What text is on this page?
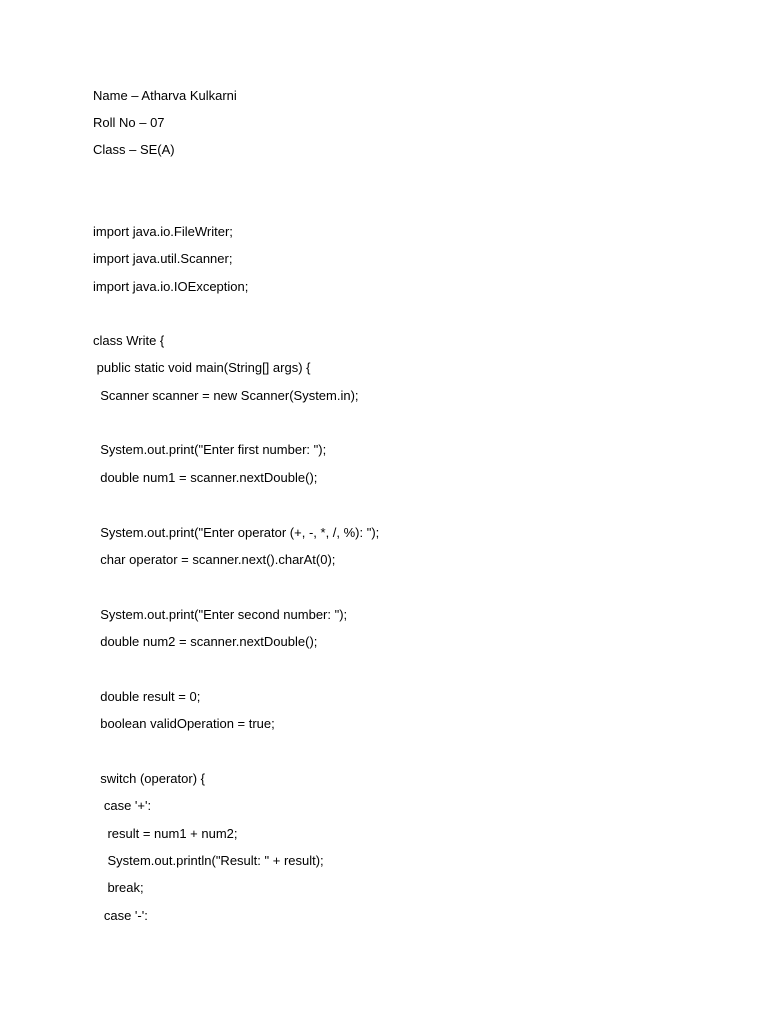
Name – Atharva Kulkarni
Roll No – 07
Class – SE(A)
import java.io.FileWriter;
import java.util.Scanner;
import java.io.IOException;
class Write {
public static void main(String[] args) {
Scanner scanner = new Scanner(System.in);
System.out.print("Enter first number: ");
double num1 = scanner.nextDouble();
System.out.print("Enter operator (+, -, *, /, %): ");
char operator = scanner.next().charAt(0);
System.out.print("Enter second number: ");
double num2 = scanner.nextDouble();
double result = 0;
boolean validOperation = true;
switch (operator) {
case '+':
result = num1 + num2;
System.out.println("Result: " + result);
break;
case '-':
